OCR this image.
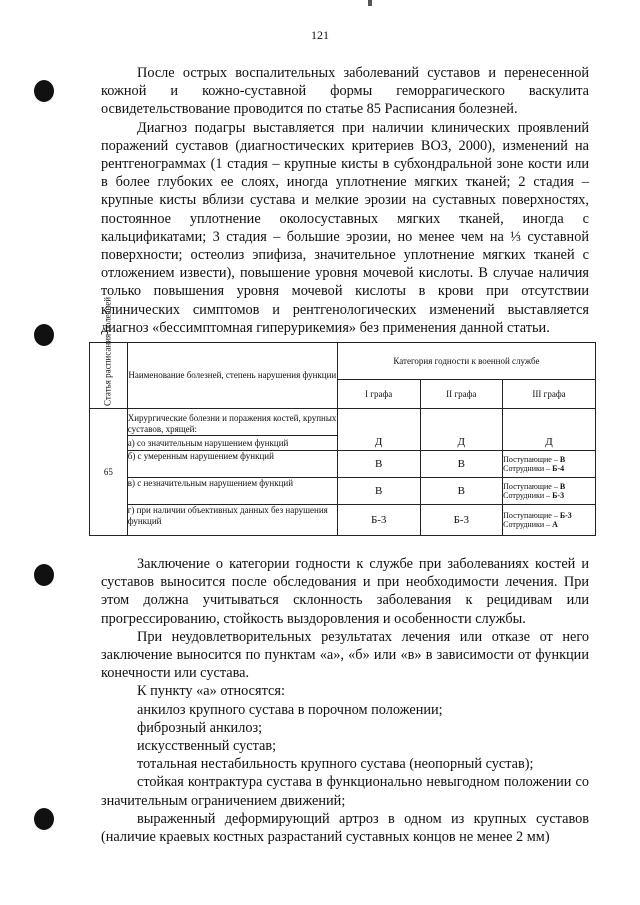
121

После острых воспалительных заболеваний суставов и перенесенной кожной и кожно-суставной формы геморрагического васкулита освидетельствование проводится по статье 85 Расписания болезней.

Диагноз подагры выставляется при наличии клинических проявлений поражений суставов (диагностических критериев ВОЗ, 2000), изменений на рентгенограммах (1 стадия – крупные кисты в субхондральной зоне кости или в более глубоких ее слоях, иногда уплотнение мягких тканей; 2 стадия – крупные кисты вблизи сустава и мелкие эрозии на суставных поверхностях, постоянное уплотнение околосуставных мягких тканей, иногда с кальцификатами; 3 стадия – большие эрозии, но менее чем на ⅓ суставной поверхности; остеолиз эпифиза, значительное уплотнение мягких тканей с отложением извести), повышение уровня мочевой кислоты. В случае наличия только повышения уровня мочевой кислоты в крови при отсутствии клинических симптомов и рентгенологических изменений выставляется диагноз «бессимптомная гиперурикемия» без применения данной статьи.

Статья расписания болезней	Наименование болезней, степень нарушения функции	Категория годности к военной службе		
		I графа	II графа	III графа
65	Хирургические болезни и поражения костей, крупных суставов, хрящей:			
	а) со значительным нарушением функций	Д	Д	Д
	б) с умеренным нарушением функций	В	В	Поступающие – В
Сотрудники – Б-4
	в) с незначительным нарушением функций	В	В	Поступающие – В
Сотрудники – Б-3
	г) при наличии объективных данных без нарушения функций	Б-3	Б-3	Поступающие – Б-3
Сотрудники – А

Заключение о категории годности к службе при заболеваниях костей и суставов выносится после обследования и при необходимости лечения. При этом должна учитываться склонность заболевания к рецидивам или прогрессированию, стойкость выздоровления и особенности службы.

При неудовлетворительных результатах лечения или отказе от него заключение выносится по пунктам «а», «б» или «в» в зависимости от функции конечности или сустава.

К пункту «а» относятся:

анкилоз крупного сустава в порочном положении;

фиброзный анкилоз;

искусственный сустав;

тотальная нестабильность крупного сустава (неопорный сустав);

стойкая контрактура сустава в функционально невыгодном положении со значительным ограничением движений;

выраженный деформирующий артроз в одном из крупных суставов (наличие краевых костных разрастаний суставных концов не менее 2 мм)
